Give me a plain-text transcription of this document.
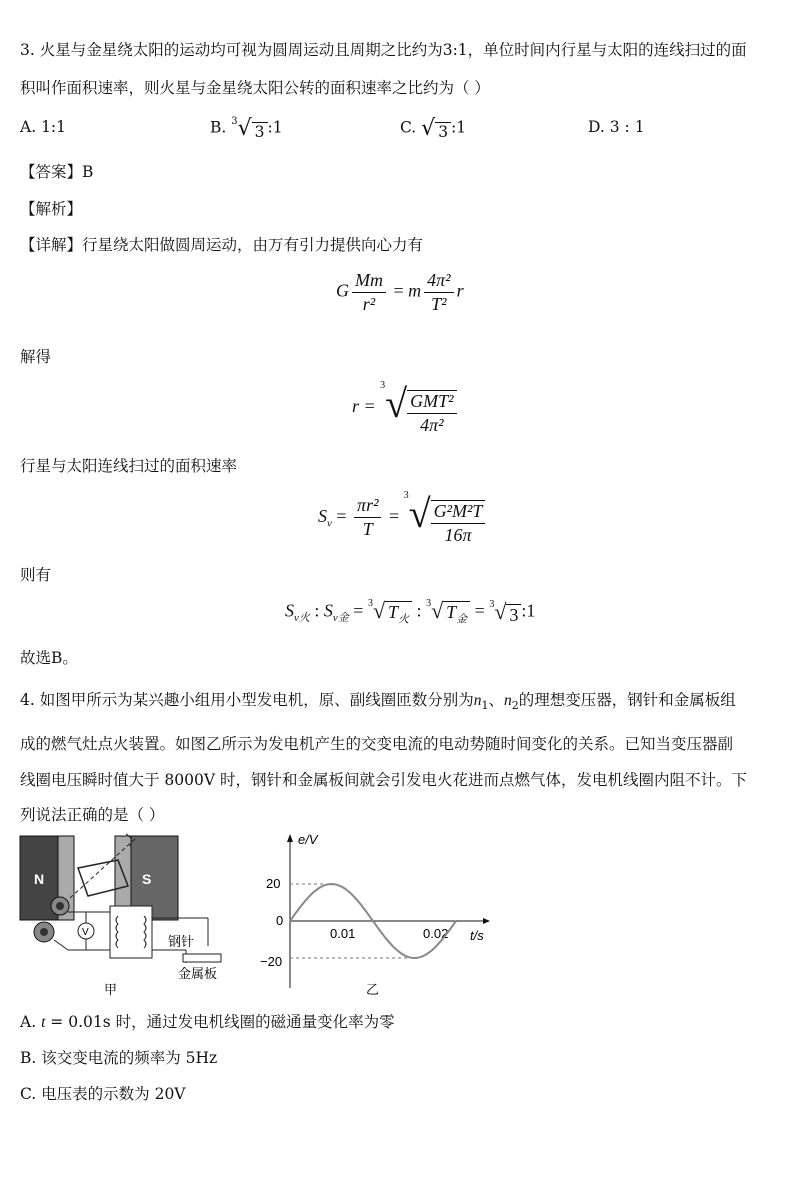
3. 火星与金星绕太阳的运动均可视为圆周运动且周期之比约为3:1，单位时间内行星与太阳的连线扫过的面
积叫作面积速率，则火星与金星绕太阳公转的面积速率之比约为（ ）
A. 1:1	B. $^3$√ 3 :1	C. √ 3 :1	D. 3 : 1
【答案】B
【解析】
【详解】行星绕太阳做圆周运动，由万有引力提供向心力有
G $\frac{Mm}{\text{r²}} = m \frac{\text{4π²}}{\text{T²}}$ r
解得
$r = ^3√ \frac{\text{GMT²}}{\text{4π²}}$
行星与太阳连线扫过的面积速率
$S_v = \frac{\text{πr²}}{T} = ^3√ \frac{\text{G²M²T}}{16\pi}$
则有
$S_{v火}$ : $S_{v金} = ^3√$ $T_火$ : $^3$√ $T_金 = ^3√$ 3 :1
故选B。
4. 如图甲所示为某兴趣小组用小型发电机，原、副线圈匝数分别为$n_1$、$n_2$的理想变压器，钢针和金属板组
成的燃气灶点火装置。如图乙所示为发电机产生的交变电流的电动势随时间变化的关系。已知当变压器副
线圈电压瞬时值大于 8000V 时，钢针和金属板间就会引发电火花进而点燃气体，发电机线圈内阻不计。下
列说法正确的是（ ）
N	S
V
钢针
金属板
甲
e/V
t/s
20
0
−20
0.01	0.02
乙
A. t = 0.01s 时，通过发电机线圈的磁通量变化率为零
B. 该交变电流的频率为 5Hz
C. 电压表的示数为 20V
